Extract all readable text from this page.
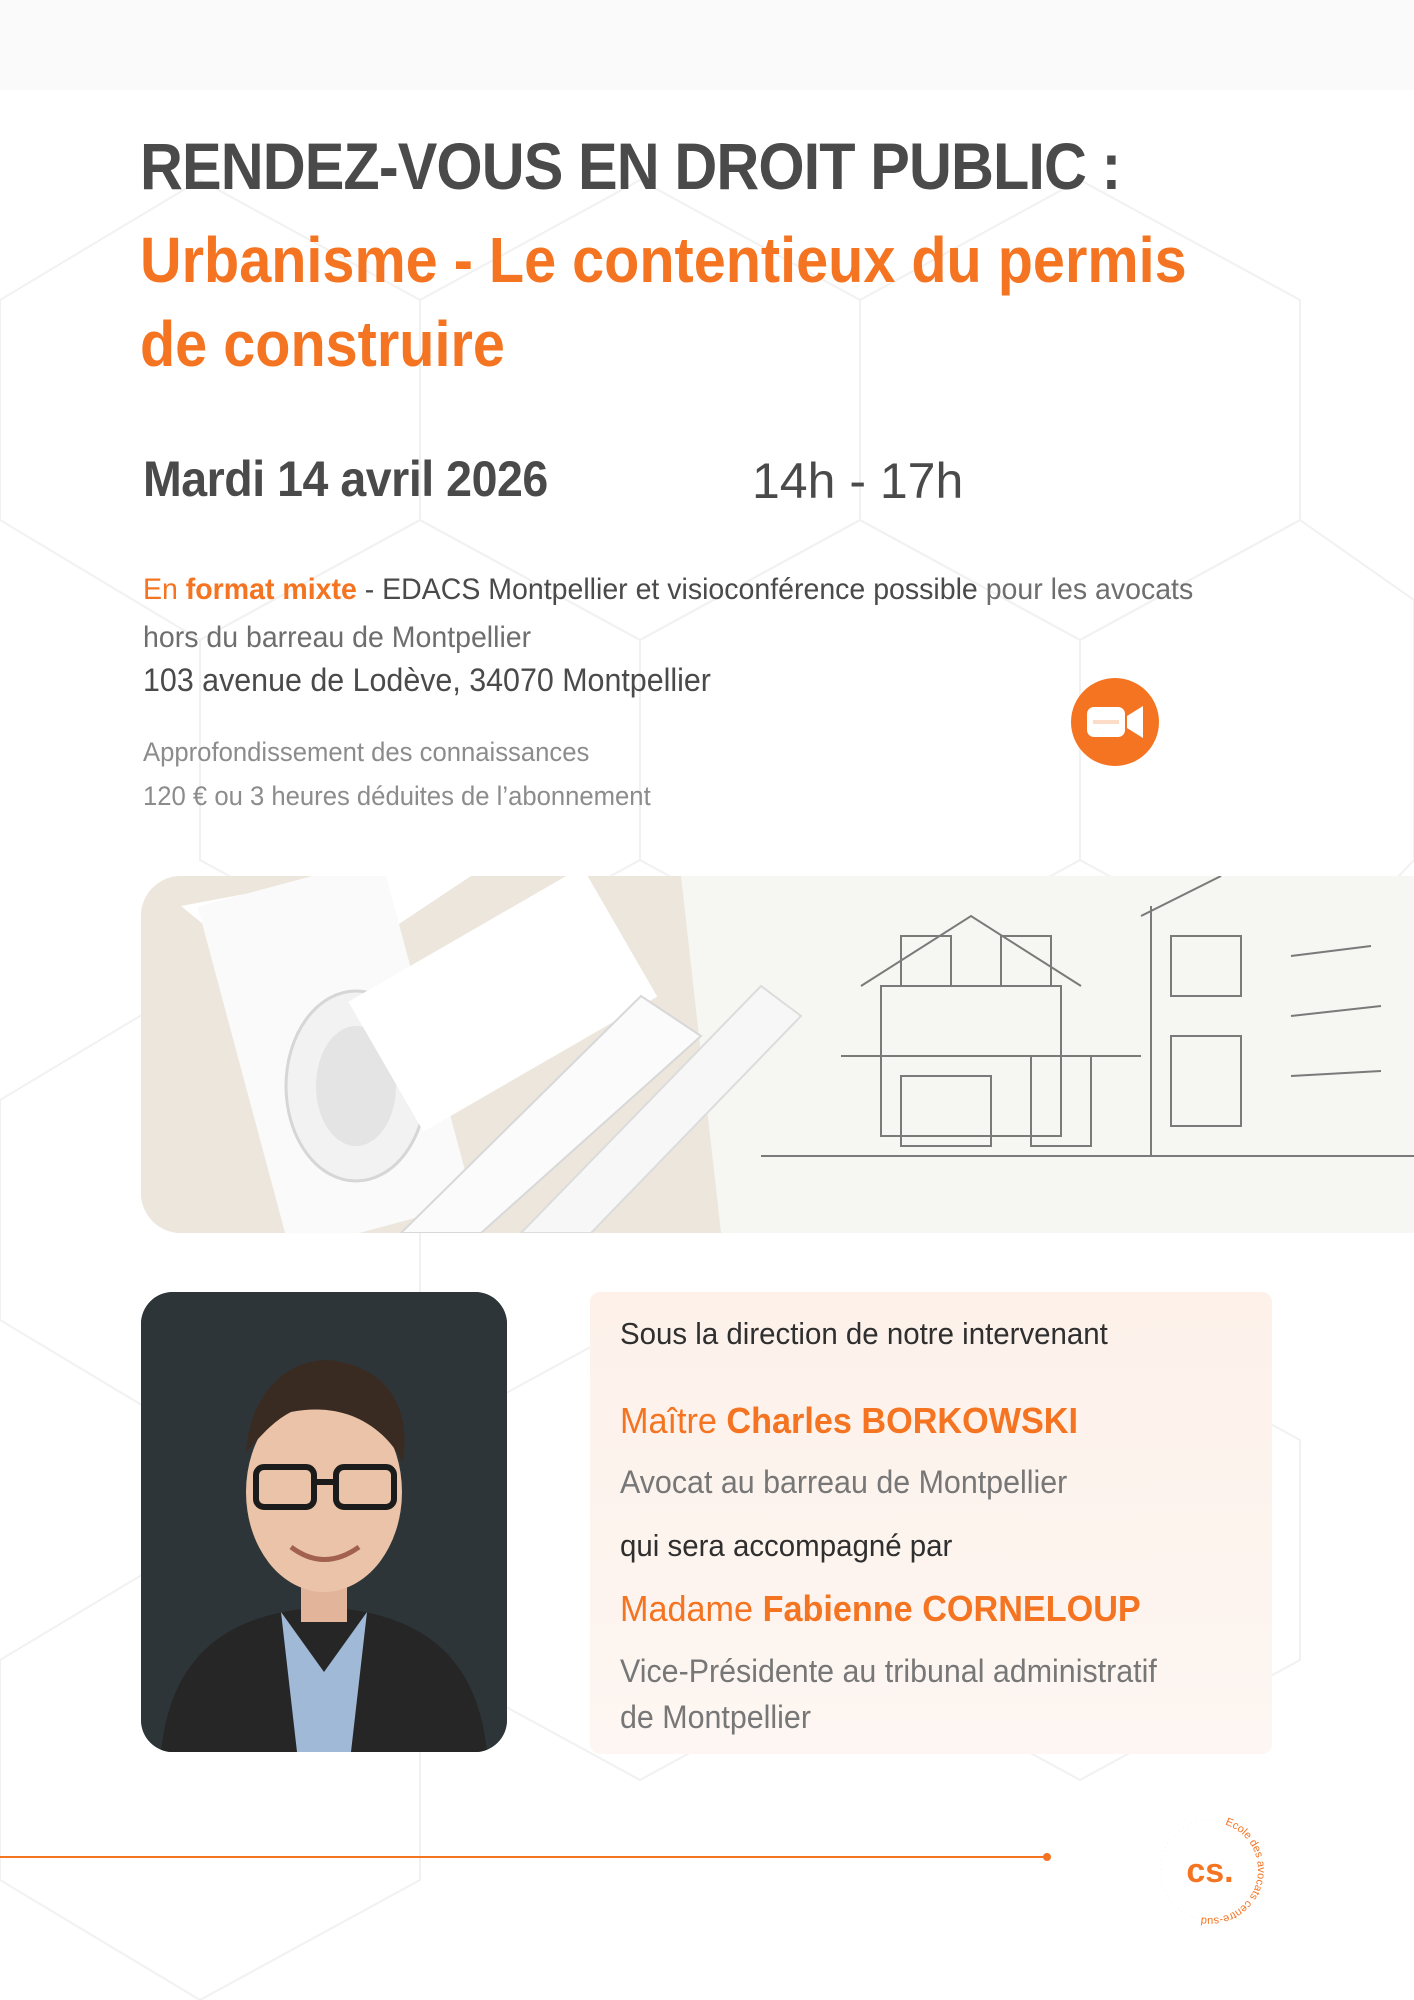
RENDEZ-VOUS EN DROIT PUBLIC :
Urbanisme - Le contentieux du permis de construire
Mardi 14 avril 2026	14h - 17h
En format mixte - EDACS Montpellier et visioconférence possible pour les avocats hors du barreau de Montpellier
103 avenue de Lodève, 34070 Montpellier
Approfondissement des connaissances
120 € ou 3 heures déduites de l’abonnement
Sous la direction de notre intervenant
Maître Charles BORKOWSKI
Avocat au barreau de Montpellier
qui sera accompagné par
Madame Fabienne CORNELOUP
Vice-Présidente au tribunal administratif
de Montpellier
Ecole des avocats centre-sud
cs.
